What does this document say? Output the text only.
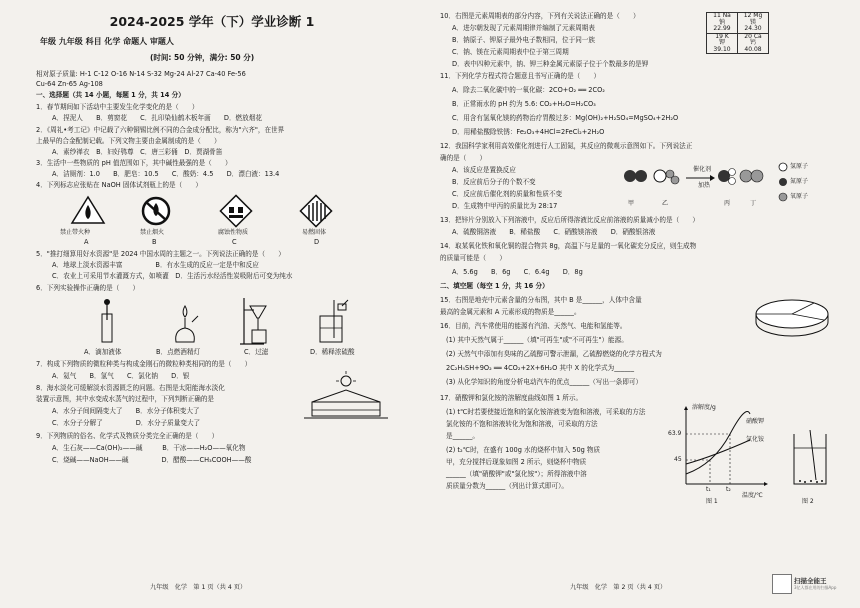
2024-2025 学年（下）学业诊断 1
年级 九年级 科目 化学 命题人 审题人
(时间: 50 分钟，满分: 50 分)
相对原子质量: H-1 C-12 O-16 N-14 S-32 Mg-24 Al-27 Ca-40 Fe-56
Cu-64 Zn-65 Ag-108
一、选择题（共 14 小题，每题 1 分，共 14 分）
1．春节期间如下活动中主要发生化学变化的是（　　）
A．捏泥人　　B．剪窗花　　C．扎印染仙鹤木板年画　　D．燃放烟花
2．《周礼•考工记》中记载了六种铜锡比例不同的合金成分配比，称为"六齐"，在世界
上最早的合金配制记载。下列文物主要由金属制成的是（　　）
A．素纱禅衣　B．妇好鸮尊　C．唐三彩俑　D．贾湖骨笛
3．生活中一些物质的 pH 值范围如下，其中碱性最强的是（　　）
A．洁厕剂：1.0　　B．肥皂：10.5　　C．酸奶：4.5　　D．漂白液：13.4
4．下列标志应张贴在 NaOH 固体试剂瓶上的是（　　）
禁止带火种	禁止烟火	腐蚀性物质	易燃固体
A	B	C	D
5．"推打细算用好水资源"是 2024 中国水周的主题之一。下列说法正确的是（　　）
A．地球上淡水资源丰富　　　　　B．有水生成的反应一定是中和反应
C．农业上可采用节水灌溉方式，如喷灌　D．生活污水经活性炭吸附后可变为纯水
6．下列实验操作正确的是（　　）
A．滴加液体	B．点燃酒精灯	C．过滤	D．稀释浓硫酸
7．构成下列物质的微粒种类与构成金刚石的微粒种类相同的的是（　　）
A．氦气　　B．氢气　　C．氯化钠　　D．银
8．海水淡化可缓解淡水资源匮乏的问题。右图是太阳能海水淡化
装置示意图，其中水变成水蒸气的过程中，下列判断正确的是
A．水分子间间隔变大了　　B．水分子体积变大了
C．水分子分解了　　　　　D．水分子质量变大了
9．下列物质的俗名、化学式及物质分类完全正确的是（　　）
A．生石灰——Ca(OH)₂——碱　　　B．干冰——H₂O——氧化物
C．烧碱——NaOH——碱　　　　　D．醋酸——CH₃COOH——酸
九年级　化学　第 1 页（共 4 页）
10．右图是元素周期表的部分内容，下列有关说法正确的是（　　）
A．进尔朝发现了元素周期律并编制了元素周期表
B．钠原子、钾原子最外电子数相同，位于同一族
C．钠、镁在元素周期表中位于第三周期
D．表中四种元素中，钠、钾三种金属元素原子位于个数最多的是钾
11 Na
钠
22.99	12 Mg
镁
24.30
19 K
钾
39.10	20 Ca
钙
40.08
11．下列化学方程式符合题意且书写正确的是（　　）
A．除去二氧化碳中的一氧化碳：2CO+O₂ ══ 2CO₂
B．正常雨水的 pH 约为 5.6: CO₂+H₂O=H₂CO₃
C．用含有氢氧化镁的药物治疗胃酸过多：Mg(OH)₂+H₂SO₄=MgSO₄+2H₂O
D．用稀盐酸除铁锈：Fe₂O₃+4HCl=2FeCl₂+2H₂O
12．我国科学家利用高效催化剂进行人工固氮，其反应的微观示意图如下。下列说法正
确的是（　　）
A．该反应是置换反应
B．反应前后分子的个数不变
C．反应前后催化剂的质量和性质不变
D．生成物中甲丙的质量比为 28:17
催化剂
加热
甲	乙	丙	丁
氢原子
氮原子
氧原子
13．把锌片分别放入下列溶液中，反应后所得溶液比反应前溶液的质量减小的是（　　）
A．硫酸铜溶液　　B．稀盐酸　　C．硝酸镁溶液　　D．硝酸银溶液
14．取某氧化铁和氧化铜的混合物共 8g，高温下与足量的一氧化碳充分反应，则生成物
的质量可能是（　　）
A．5.6g　　B．6g　　C．6.4g　　D．8g
二、填空题（每空 1 分，共 16 分）
15．右图是地壳中元素含量的分布图，其中 B 是______，人体中含量
最高的金属元素和 A 元素形成的物质是______。
16．目前，汽车常使用的能源有汽油、天然气、电能和氢能等。
(1) 其中天然气属于______（填"可再生"或"不可再生"）能源。
(2) 天然气中添加有臭味的乙硫醇可警示泄漏，乙硫醇燃烧的化学方程式为
2C₂H₅SH+9O₂ ══ 4CO₂+2X+6H₂O 其中 X 的化学式为______
(3) 从化学知识的角度分析电动汽车的优点______（写出一条即可）
17．硝酸钾和氯化铵的溶解度曲线如图 1 所示。
(1) t℃时若要使接近饱和的氯化铵溶液变为饱和溶液，可采取的方法
氯化铵的不饱和溶液转化为饱和溶液，可采取的方法
是______。
(2) t₂℃时，在盛有 100g 水的烧杯中加入 50g 物质
甲，充分搅拌后现象如图 2 所示，则烧杯中物质
______（填"硝酸钾"或"氯化铵"）；所得溶液中溶
质质量分数为______（列出计算式即可）。
溶解度/g
63.9
45
硝酸钾
氯化铵
t₁	t₂
温度/℃
图 1	图 2
九年级　化学　第 2 页（共 4 页）
扫描全能王
3亿人都在用的扫描App
